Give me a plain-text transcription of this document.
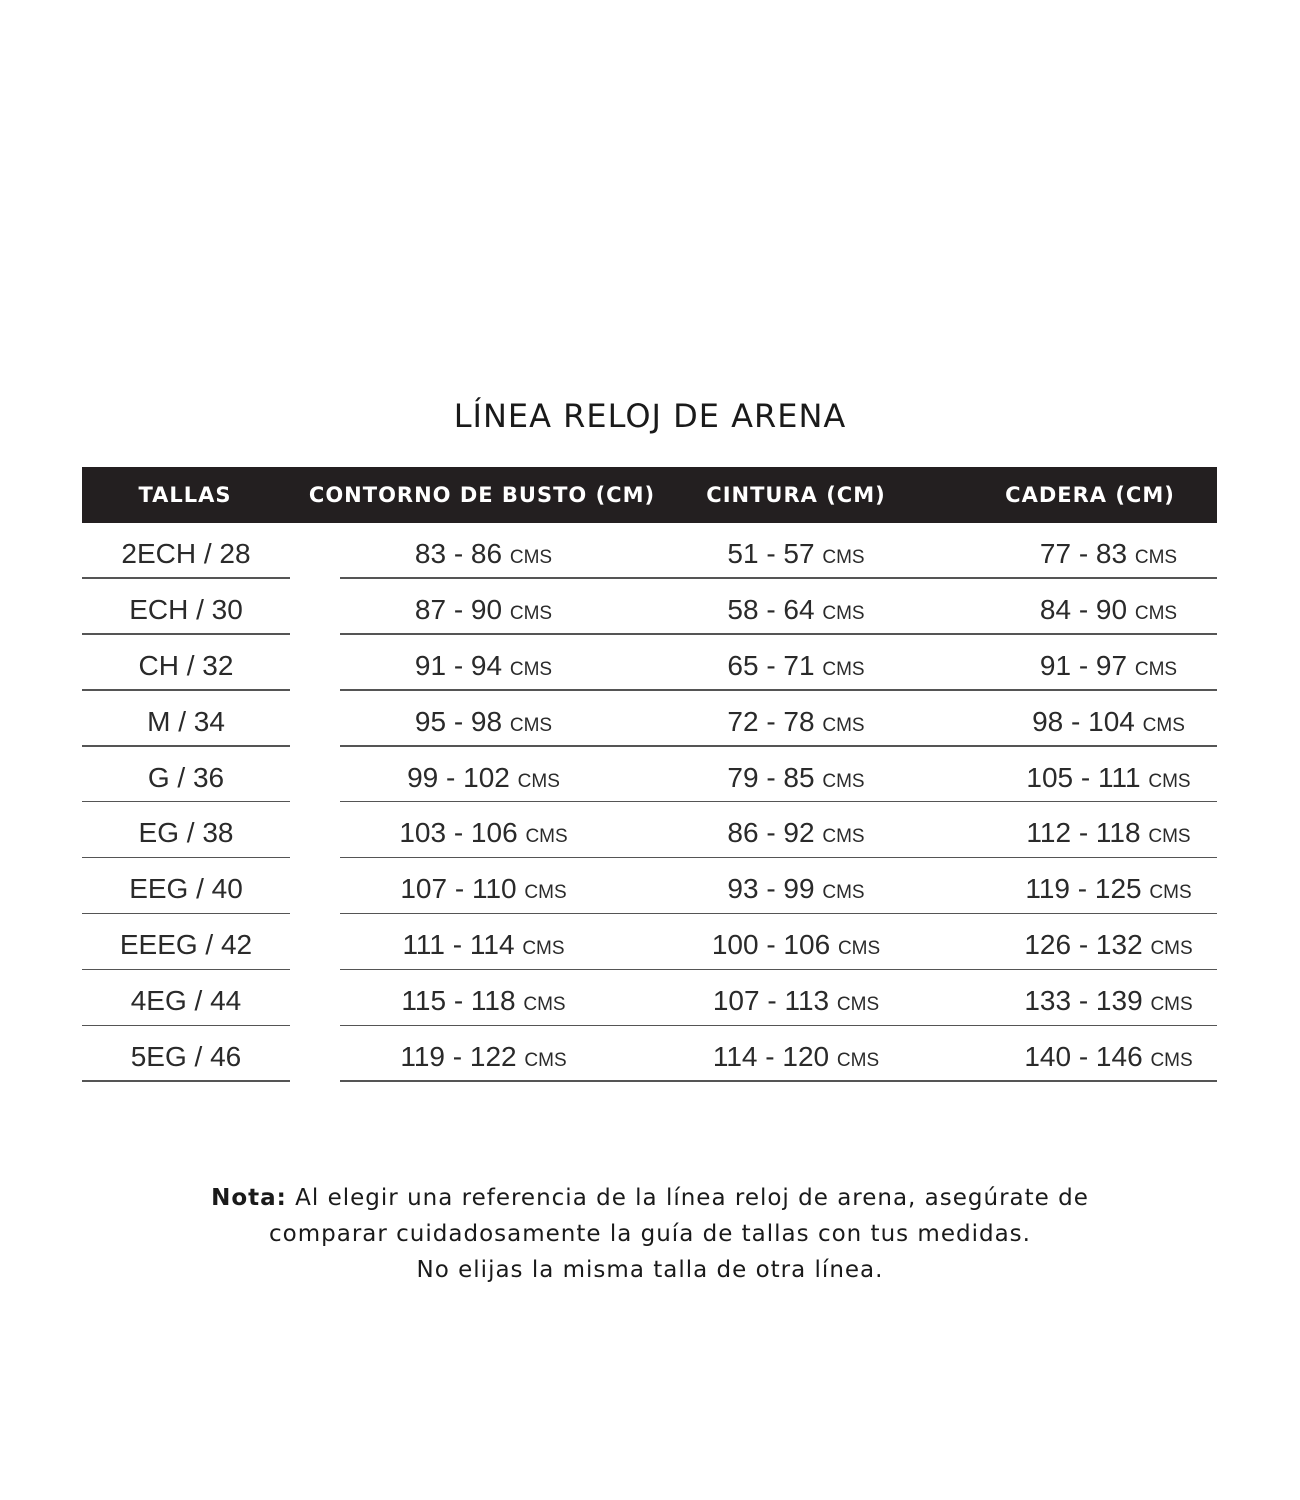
LÍNEA RELOJ DE ARENA
TALLAS	CONTORNO DE BUSTO (CM)	CINTURA (CM)	CADERA (CM)
2ECH / 28	83 - 86 CMS	51 - 57 CMS	77 - 83 CMS
ECH / 30	87 - 90 CMS	58 - 64 CMS	84 - 90 CMS
CH / 32	91 - 94 CMS	65 - 71 CMS	91 - 97 CMS
M / 34	95 - 98 CMS	72 - 78 CMS	98 - 104 CMS
G / 36	99 - 102 CMS	79 - 85 CMS	105 - 111 CMS
EG / 38	103 - 106 CMS	86 - 92 CMS	112 - 118 CMS
EEG / 40	107 - 110 CMS	93 - 99 CMS	119 - 125 CMS
EEEG / 42	111 - 114 CMS	100 - 106 CMS	126 - 132 CMS
4EG / 44	115 - 118 CMS	107 - 113 CMS	133 - 139 CMS
5EG / 46	119 - 122 CMS	114 - 120 CMS	140 - 146 CMS
Nota: Al elegir una referencia de la línea reloj de arena, asegúrate de
comparar cuidadosamente la guía de tallas con tus medidas.
No elijas la misma talla de otra línea.
